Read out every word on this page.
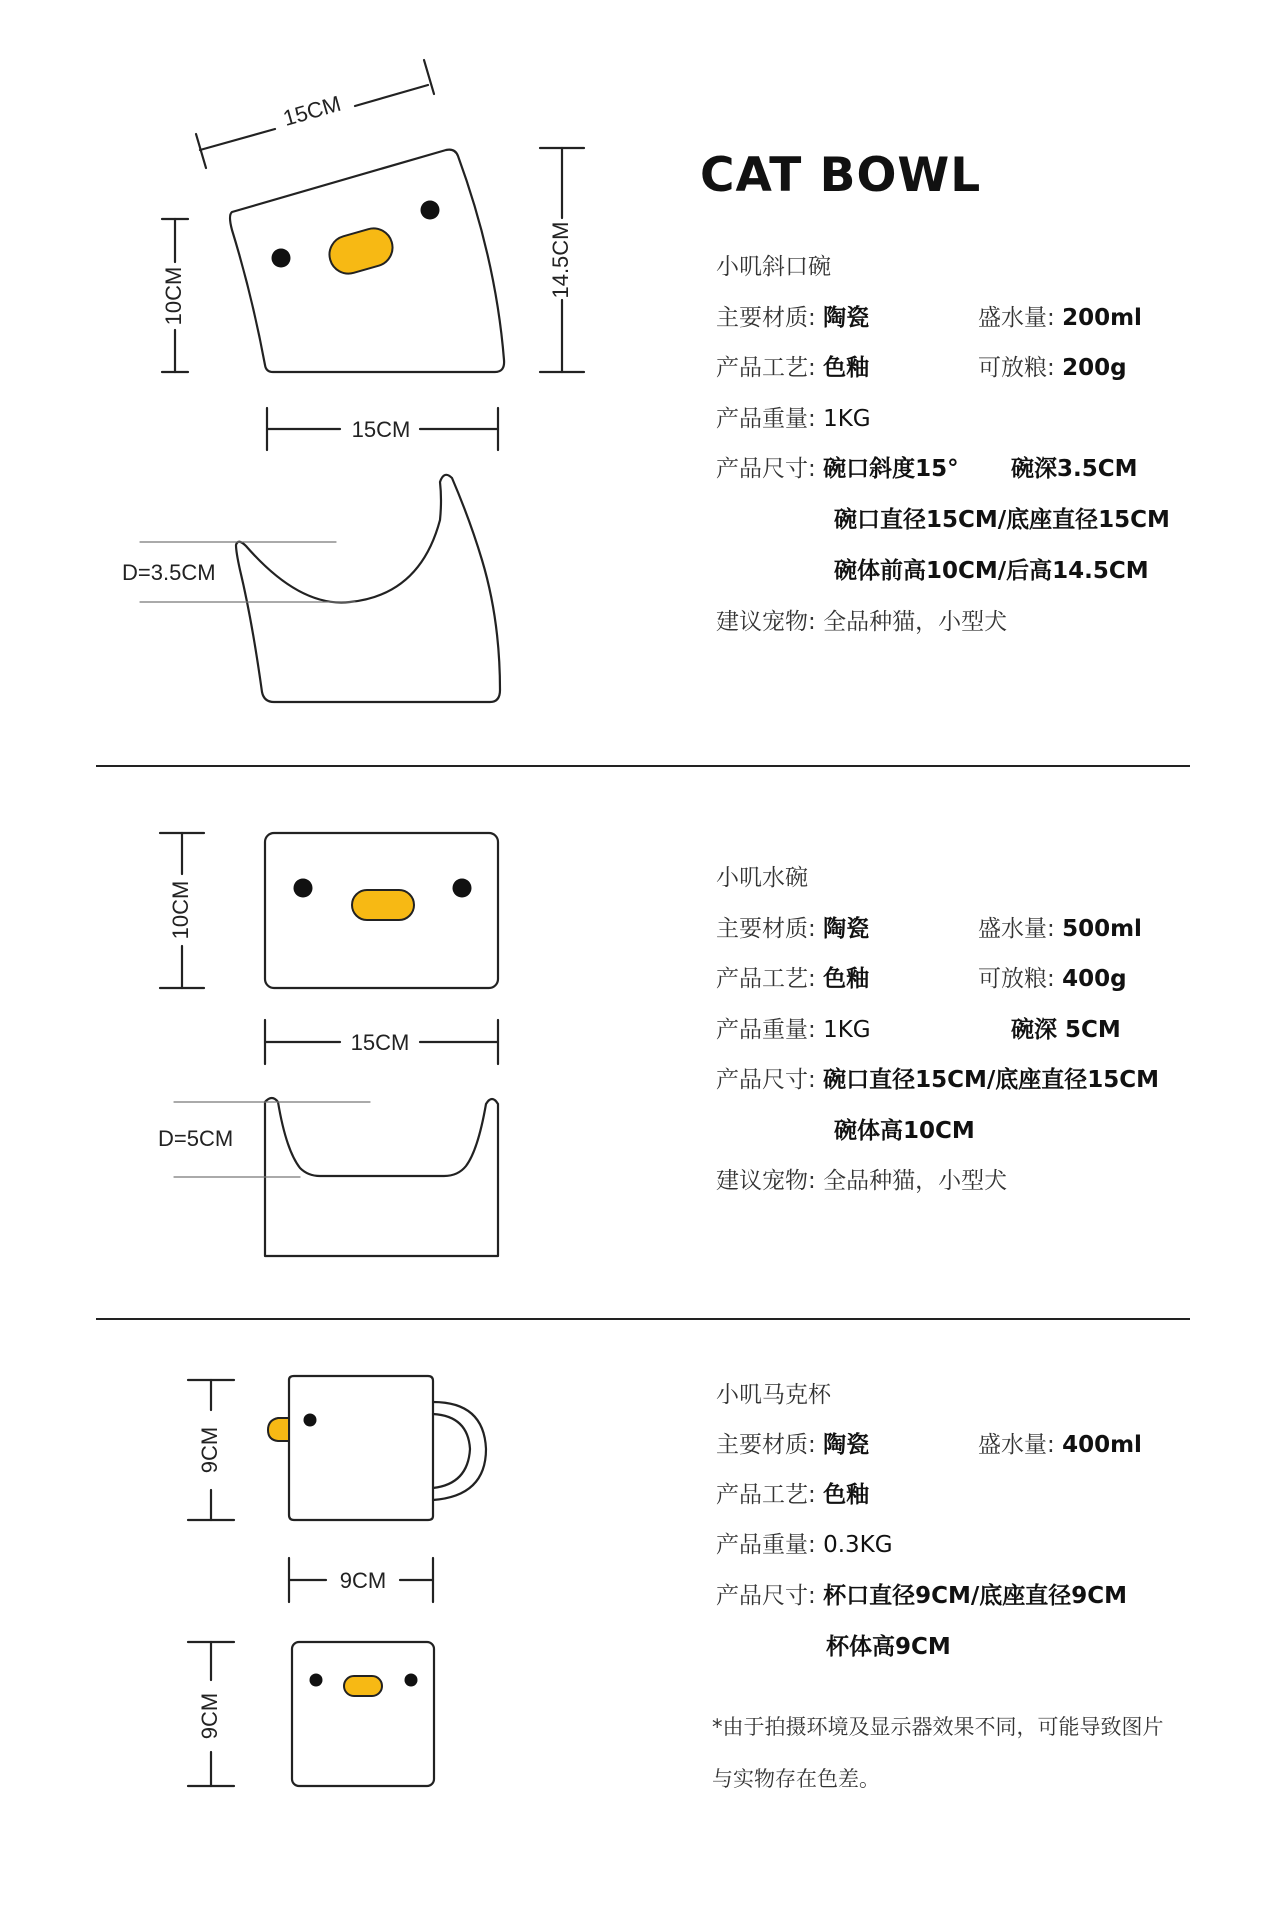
15CM
10CM	14.5CM
15CM
D=3.5CM
10CM
15CM
D=5CM
9CM
9CM
9CM
CAT BOWL
小叽斜口碗
主要材质: 陶瓷	盛水量: 200ml
产品工艺: 色釉	可放粮: 200g
产品重量: 1KG
产品尺寸: 碗口斜度15° 碗深3.5CM
碗口直径15CM/底座直径15CM
碗体前高10CM/后高14.5CM
建议宠物: 全品种猫，小型犬
小叽水碗
主要材质: 陶瓷	盛水量: 500ml
产品工艺: 色釉	可放粮: 400g
产品重量: 1KG	碗深 5CM
产品尺寸: 碗口直径15CM/底座直径15CM
碗体高10CM
建议宠物: 全品种猫，小型犬
小叽马克杯
主要材质: 陶瓷	盛水量: 400ml
产品工艺: 色釉
产品重量: 0.3KG
产品尺寸: 杯口直径9CM/底座直径9CM
杯体高9CM
*由于拍摄环境及显示器效果不同，可能导致图片
与实物存在色差。
